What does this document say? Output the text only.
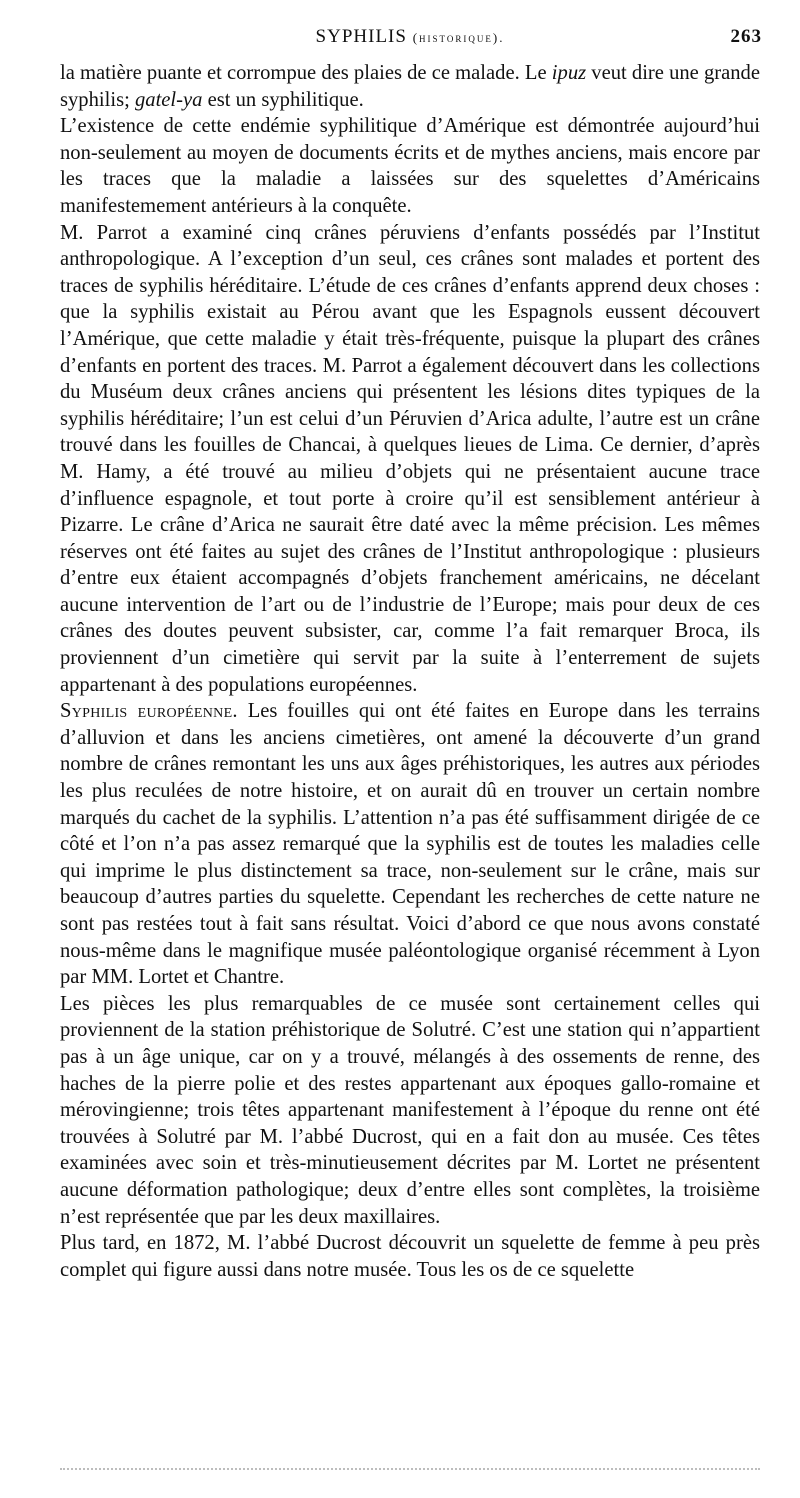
SYPHILIS (historique).	263

la matière puante et corrompue des plaies de ce malade. Le ipuz veut dire une grande syphilis; gatel-ya est un syphilitique.

L’existence de cette endémie syphilitique d’Amérique est démontrée aujourd’hui non-seulement au moyen de documents écrits et de mythes anciens, mais encore par les traces que la maladie a laissées sur des squelettes d’Américains manifestemement antérieurs à la conquête.

M. Parrot a examiné cinq crânes péruviens d’enfants possédés par l’Institut anthropologique. A l’exception d’un seul, ces crânes sont malades et portent des traces de syphilis héréditaire. L’étude de ces crânes d’enfants apprend deux choses : que la syphilis existait au Pérou avant que les Espagnols eussent découvert l’Amérique, que cette maladie y était très-fréquente, puisque la plupart des crânes d’enfants en portent des traces. M. Parrot a également découvert dans les collections du Muséum deux crânes anciens qui présentent les lésions dites typiques de la syphilis héréditaire; l’un est celui d’un Péruvien d’Arica adulte, l’autre est un crâne trouvé dans les fouilles de Chancai, à quelques lieues de Lima. Ce dernier, d’après M. Hamy, a été trouvé au milieu d’objets qui ne présentaient aucune trace d’influence espagnole, et tout porte à croire qu’il est sensiblement antérieur à Pizarre. Le crâne d’Arica ne saurait être daté avec la même précision. Les mêmes réserves ont été faites au sujet des crânes de l’Institut anthropologique : plusieurs d’entre eux étaient accompagnés d’objets franchement américains, ne décelant aucune intervention de l’art ou de l’industrie de l’Europe; mais pour deux de ces crânes des doutes peuvent subsister, car, comme l’a fait remarquer Broca, ils proviennent d’un cimetière qui servit par la suite à l’enterrement de sujets appartenant à des populations européennes.

Syphilis européenne. Les fouilles qui ont été faites en Europe dans les terrains d’alluvion et dans les anciens cimetières, ont amené la découverte d’un grand nombre de crânes remontant les uns aux âges préhistoriques, les autres aux périodes les plus reculées de notre histoire, et on aurait dû en trouver un certain nombre marqués du cachet de la syphilis. L’attention n’a pas été suffisamment dirigée de ce côté et l’on n’a pas assez remarqué que la syphilis est de toutes les maladies celle qui imprime le plus distinctement sa trace, non-seulement sur le crâne, mais sur beaucoup d’autres parties du squelette. Cependant les recherches de cette nature ne sont pas restées tout à fait sans résultat. Voici d’abord ce que nous avons constaté nous-même dans le magnifique musée paléontologique organisé récemment à Lyon par MM. Lortet et Chantre.

Les pièces les plus remarquables de ce musée sont certainement celles qui proviennent de la station préhistorique de Solutré. C’est une station qui n’appartient pas à un âge unique, car on y a trouvé, mélangés à des ossements de renne, des haches de la pierre polie et des restes appartenant aux époques gallo-romaine et mérovingienne; trois têtes appartenant manifestement à l’époque du renne ont été trouvées à Solutré par M. l’abbé Ducrost, qui en a fait don au musée. Ces têtes examinées avec soin et très-minutieusement décrites par M. Lortet ne présentent aucune déformation pathologique; deux d’entre elles sont complètes, la troisième n’est représentée que par les deux maxillaires.

Plus tard, en 1872, M. l’abbé Ducrost découvrit un squelette de femme à peu près complet qui figure aussi dans notre musée. Tous les os de ce squelette
